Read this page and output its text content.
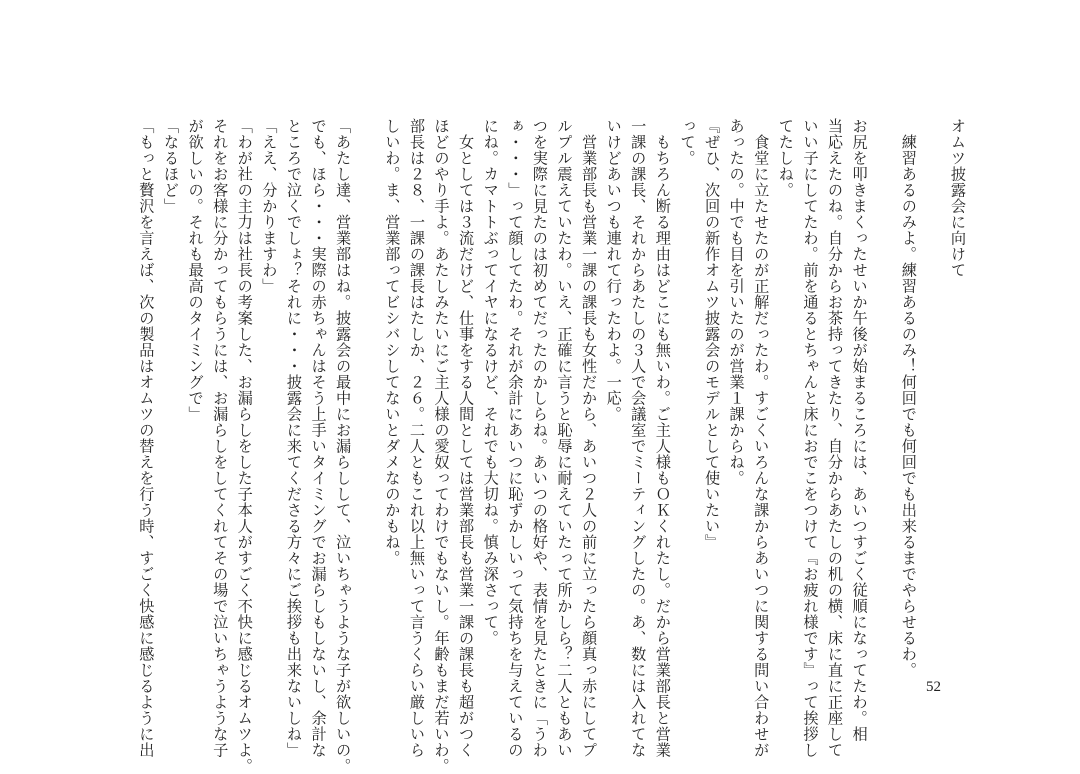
オムツ披露会に向けて
　練習あるのみよ。練習あるのみ！何回でも何回でも出来るまでやらせるわ。
お尻を叩きまくったせいか午後が始まるころには、あいつすごく従順になってたわ。相
当応えたのね。自分からお茶持ってきたり、自分からあたしの机の横、床に直に正座して
いい子にしてたわ。前を通るとちゃんと床におでこをつけて『お疲れ様です』って挨拶し
てたしね。
　食堂に立たせたのが正解だったわ。すごくいろんな課からあいつに関する問い合わせが
あったの。中でも目を引いたのが営業１課からね。
『ぜひ、次回の新作オムツ披露会のモデルとして使いたい』
って。
　もちろん断る理由はどこにも無いわ。ご主人様もＯＫくれたし。だから営業部長と営業
一課の課長、それからあたしの３人で会議室でミーティングしたの。あ、数には入れてな
いけどあいつも連れて行ったわよ。一応。
　営業部長も営業一課の課長も女性だから、あいつ２人の前に立ったら顔真っ赤にしてプ
ルプル震えていたわ。いえ、正確に言うと恥辱に耐えていたって所かしら？二人ともあい
つを実際に見たのは初めてだったのかしらね。あいつの格好や、表情を見たときに「うわ
ぁ・・・」って顔してたわ。それが余計にあいつに恥ずかしいって気持ちを与えているの
にね。カマトトぶってイヤになるけど、それでも大切ね。慎み深さって。
　女としては３流だけど、仕事をする人間としては営業部長も営業一課の課長も超がつく
ほどのやり手よ。あたしみたいにご主人様の愛奴ってわけでもないし。年齢もまだ若いわ。
部長は２８、一課の課長はたしか、２６。二人ともこれ以上無いって言うくらい厳しいら
しいわ。ま、営業部ってビシバシしてないとダメなのかもね。
「あたし達、営業部はね。披露会の最中にお漏らしして、泣いちゃうような子が欲しいの。
でも、ほら・・・実際の赤ちゃんはそう上手いタイミングでお漏らしもしないし、余計な
ところで泣くでしょ？それに・・・披露会に来てくださる方々にご挨拶も出来ないしね」
「ええ、分かりますわ」
「わが社の主力は社長の考案した、お漏らしをした子本人がすごく不快に感じるオムツよ。
それをお客様に分かってもらうには、お漏らしをしてくれてその場で泣いちゃうような子
が欲しいの。それも最高のタイミングで」
「なるほど」
「もっと贅沢を言えば、次の製品はオムツの替えを行う時、すごく快感に感じるように出	52
